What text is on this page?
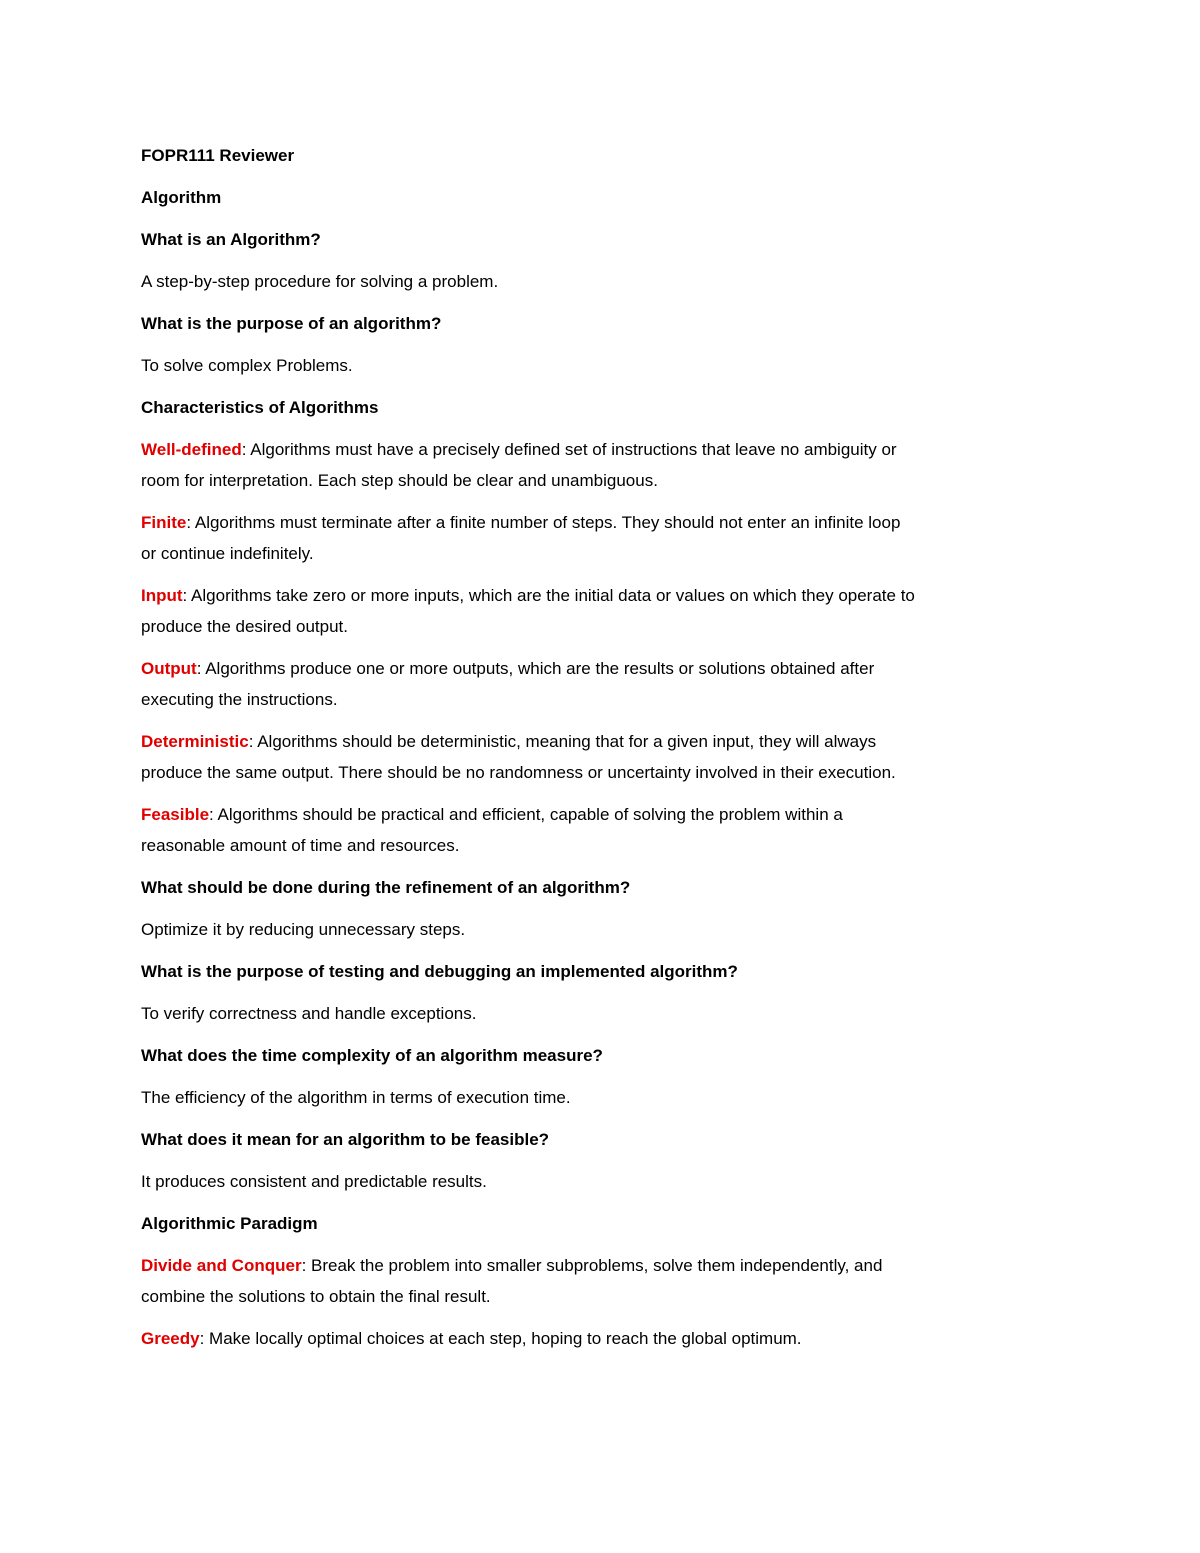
FOPR111 Reviewer

Algorithm

What is an Algorithm?

A step-by-step procedure for solving a problem.

What is the purpose of an algorithm?

To solve complex Problems.

Characteristics of Algorithms

Well-defined: Algorithms must have a precisely defined set of instructions that leave no ambiguity or

room for interpretation. Each step should be clear and unambiguous.

Finite: Algorithms must terminate after a finite number of steps. They should not enter an infinite loop

or continue indefinitely.

Input: Algorithms take zero or more inputs, which are the initial data or values on which they operate to

produce the desired output.

Output: Algorithms produce one or more outputs, which are the results or solutions obtained after

executing the instructions.

Deterministic: Algorithms should be deterministic, meaning that for a given input, they will always

produce the same output. There should be no randomness or uncertainty involved in their execution.

Feasible: Algorithms should be practical and efficient, capable of solving the problem within a

reasonable amount of time and resources.

What should be done during the refinement of an algorithm?

Optimize it by reducing unnecessary steps.

What is the purpose of testing and debugging an implemented algorithm?

To verify correctness and handle exceptions.

What does the time complexity of an algorithm measure?

The efficiency of the algorithm in terms of execution time.

What does it mean for an algorithm to be feasible?

It produces consistent and predictable results.

Algorithmic Paradigm

Divide and Conquer: Break the problem into smaller subproblems, solve them independently, and

combine the solutions to obtain the final result.

Greedy: Make locally optimal choices at each step, hoping to reach the global optimum.
